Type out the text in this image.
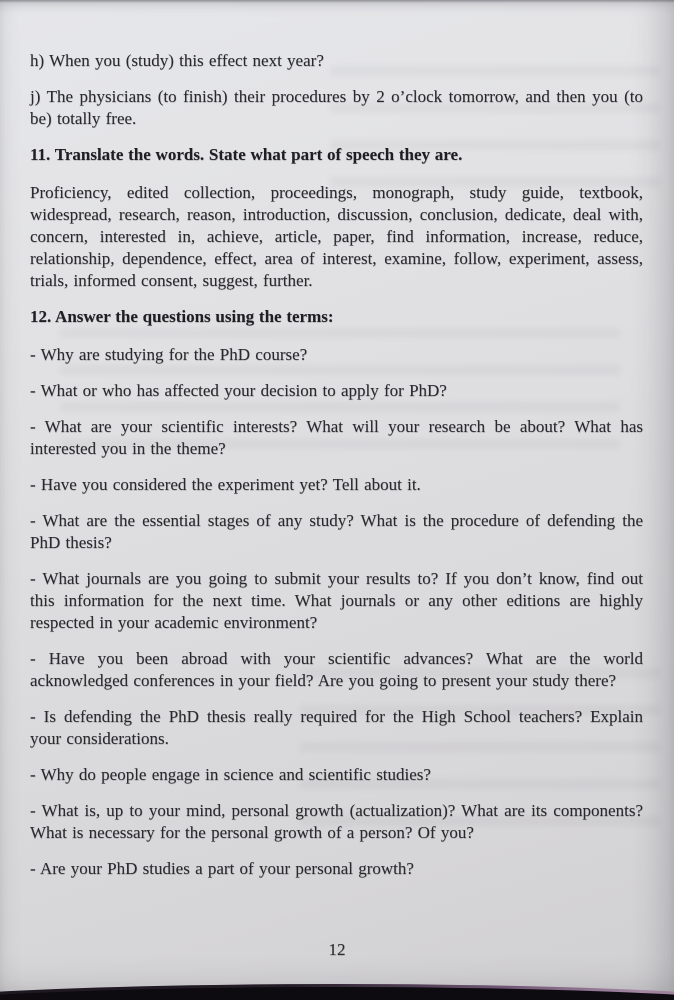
h) When you (study) this effect next year?

j) The physicians (to finish) their procedures by 2 o’clock tomorrow, and then you (to be) totally free.

11. Translate the words. State what part of speech they are.

Proficiency, edited collection, proceedings, monograph, study guide, textbook, widespread, research, reason, introduction, discussion, conclusion, dedicate, deal with, concern, interested in, achieve, article, paper, find information, increase, reduce, relationship, dependence, effect, area of interest, examine, follow, experiment, assess, trials, informed consent, suggest, further.

12. Answer the questions using the terms:

- Why are studying for the PhD course?

- What or who has affected your decision to apply for PhD?

- What are your scientific interests? What will your research be about? What has interested you in the theme?

- Have you considered the experiment yet? Tell about it.

- What are the essential stages of any study? What is the procedure of defending the PhD thesis?

- What journals are you going to submit your results to? If you don’t know, find out this information for the next time. What journals or any other editions are highly respected in your academic environment?

- Have you been abroad with your scientific advances? What are the world acknowledged conferences in your field? Are you going to present your study there?

- Is defending the PhD thesis really required for the High School teachers? Explain your considerations.

- Why do people engage in science and scientific studies?

- What is, up to your mind, personal growth (actualization)? What are its components? What is necessary for the personal growth of a person? Of you?

- Are your PhD studies a part of your personal growth?

12
